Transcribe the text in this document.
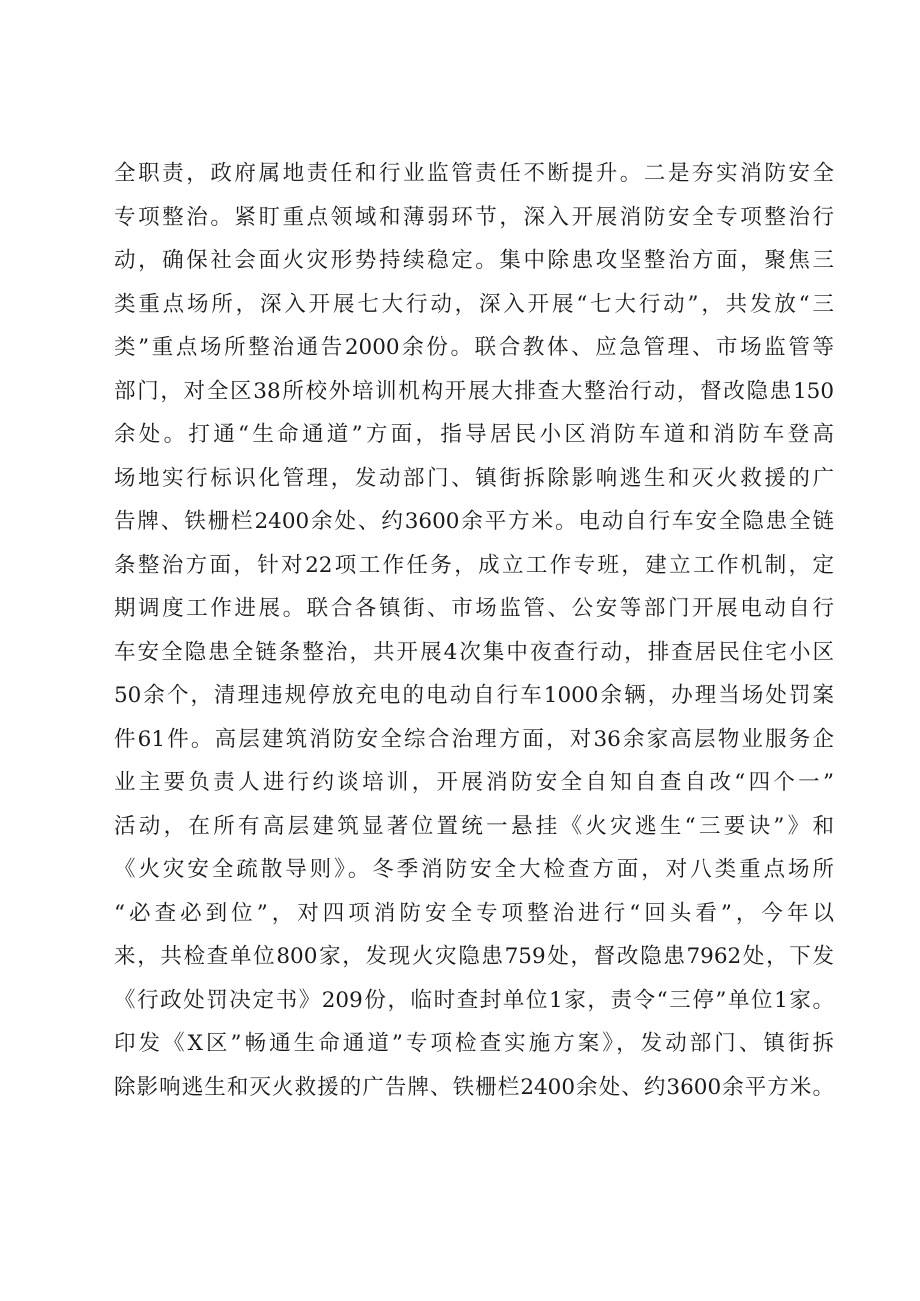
全职责，政府属地责任和行业监管责任不断提升。二是夯实消防安全
专项整治。紧盯重点领域和薄弱环节，深入开展消防安全专项整治行
动，确保社会面火灾形势持续稳定。集中除患攻坚整治方面，聚焦三
类重点场所，深入开展七大行动，深入开展“七大行动”，共发放“三
类”重点场所整治通告2000余份。联合教体、应急管理、市场监管等
部门，对全区38所校外培训机构开展大排查大整治行动，督改隐患150
余处。打通“生命通道”方面，指导居民小区消防车道和消防车登高
场地实行标识化管理，发动部门、镇街拆除影响逃生和灭火救援的广
告牌、铁栅栏2400余处、约3600余平方米。电动自行车安全隐患全链
条整治方面，针对22项工作任务，成立工作专班，建立工作机制，定
期调度工作进展。联合各镇街、市场监管、公安等部门开展电动自行
车安全隐患全链条整治，共开展4次集中夜查行动，排查居民住宅小区
50余个，清理违规停放充电的电动自行车1000余辆，办理当场处罚案
件61件。高层建筑消防安全综合治理方面，对36余家高层物业服务企
业主要负责人进行约谈培训，开展消防安全自知自查自改“四个一”
活动，在所有高层建筑显著位置统一悬挂《火灾逃生“三要诀”》和
《火灾安全疏散导则》。冬季消防安全大检查方面，对八类重点场所
“必查必到位”，对四项消防安全专项整治进行“回头看”，今年以
来，共检查单位800家，发现火灾隐患759处，督改隐患7962处，下发
《行政处罚决定书》209份，临时查封单位1家，责令“三停”单位1家。
印发《X区”畅通生命通道”专项检查实施方案》，发动部门、镇街拆
除影响逃生和灭火救援的广告牌、铁栅栏2400余处、约3600余平方米。
